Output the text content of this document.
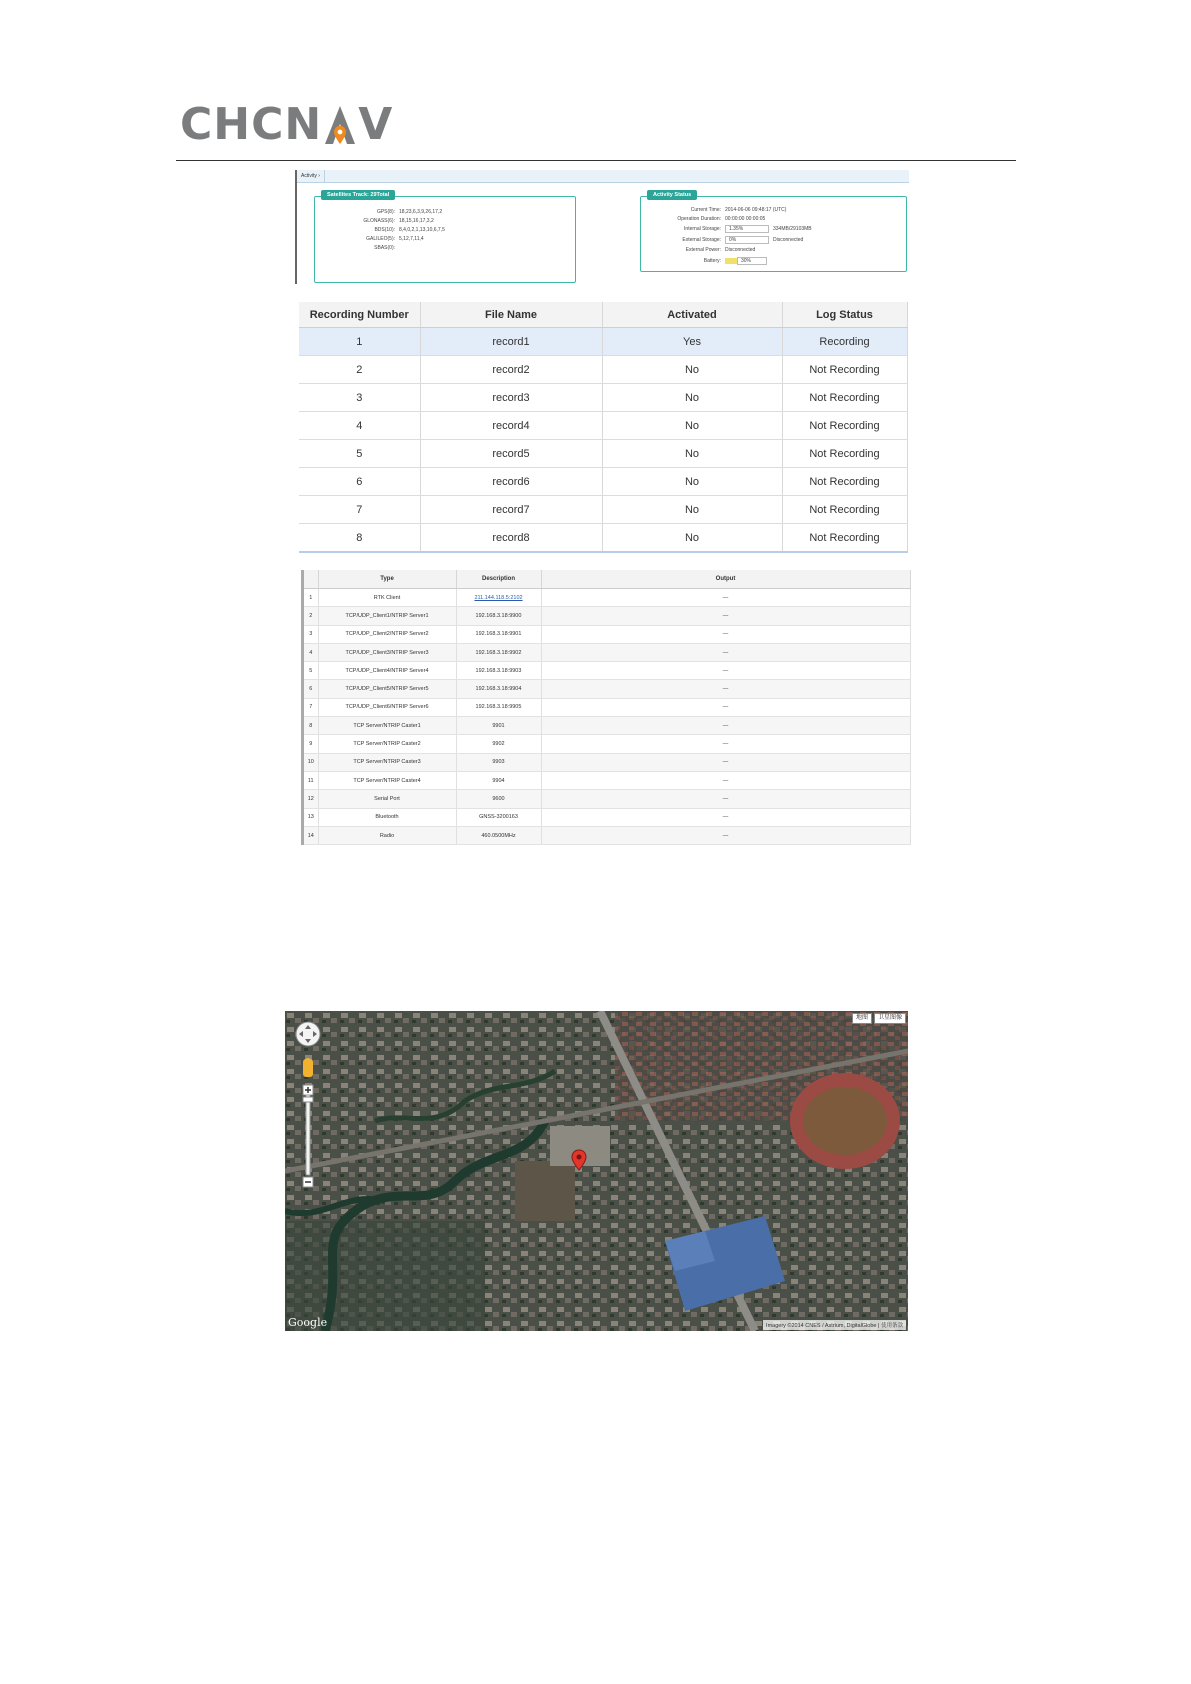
CHCN V
Activity ›
Satellites Track: 29Total
GPS(8): 18,23,6,3,9,26,17,2
GLONASS(6): 18,15,16,17,3,2
BDS(10): 8,4,0,2,1,13,10,6,7,5
GALILEO(5): 5,12,7,11,4
SBAS(0):
Activity Status
Current Time: 2014-06-06 09:48:17 (UTC)
Operation Duration: 00:00:00 00:00:05
Internal Storage: 1.35%	334MB/29103MB
External Storage: 0%	Disconnected
External Power: Disconnected
Battery:	30%
Recording Number	File Name	Activated	Log Status
1	record1	Yes	Recording
2	record2	No	Not Recording
3	record3	No	Not Recording
4	record4	No	Not Recording
5	record5	No	Not Recording
6	record6	No	Not Recording
7	record7	No	Not Recording
8	record8	No	Not Recording
	Type	Description	Output
1	RTK Client	211.144.118.5:2102	—
2	TCP/UDP_Client1/NTRIP Server1	192.168.3.18:9900	—
3	TCP/UDP_Client2/NTRIP Server2	192.168.3.18:9901	—
4	TCP/UDP_Client3/NTRIP Server3	192.168.3.18:9902	—
5	TCP/UDP_Client4/NTRIP Server4	192.168.3.18:9903	—
6	TCP/UDP_Client5/NTRIP Server5	192.168.3.18:9904	—
7	TCP/UDP_Client6/NTRIP Server6	192.168.3.18:9905	—
8	TCP Server/NTRIP Caster1	9901	—
9	TCP Server/NTRIP Caster2	9902	—
10	TCP Server/NTRIP Caster3	9903	—
11	TCP Server/NTRIP Caster4	9904	—
12	Serial Port	9600	—
13	Bluetooth	GNSS-3200163	—
14	Radio	460.0500MHz	—
地图	卫星图像
Google	Imagery ©2014 CNES / Astrium, DigitalGlobe | 使用条款
